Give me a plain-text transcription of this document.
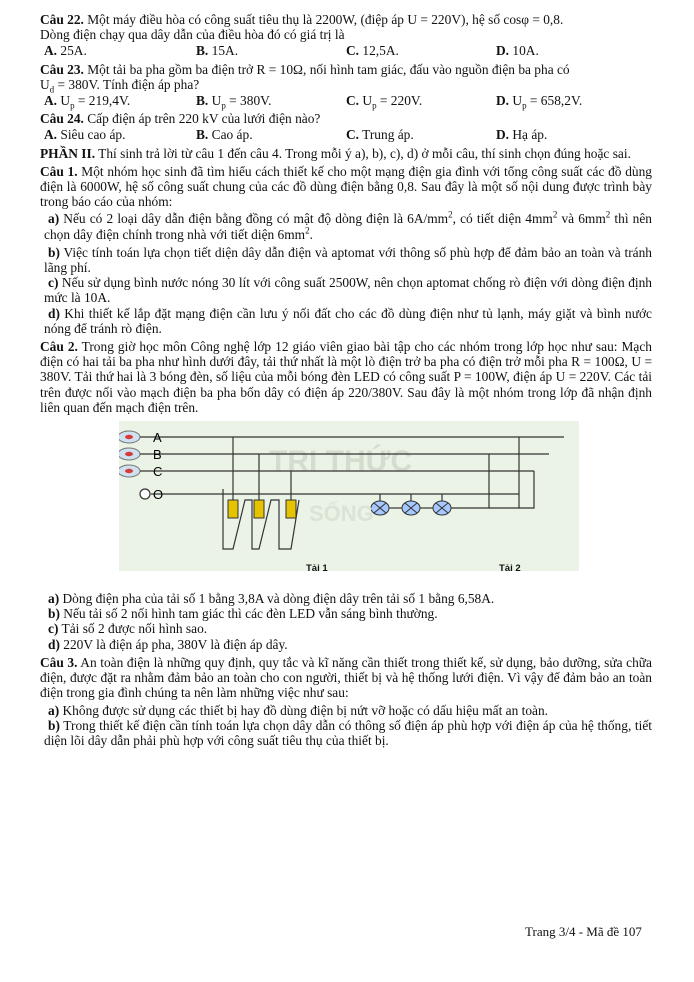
Câu 22. Một máy điều hòa có công suất tiêu thụ là 2200W, (điệp áp U = 220V), hệ số cosφ = 0,8.

Dòng điện chạy qua dây dẫn của điều hòa đó có giá trị là

A. 25A.	B. 15A.	C. 12,5A.	D. 10A.

Câu 23. Một tải ba pha gồm ba điện trở R = 10Ω, nối hình tam giác, đấu vào nguồn điện ba pha có

$U_d = 380V$. Tính điện áp pha?

A. $U_p = 219,4V$.	B. $U_p = 380V$.	C. $U_p = 220V$.	D. $U_p = 658,2V$.

Câu 24. Cấp điện áp trên 220 kV của lưới điện nào?

A. Siêu cao áp.	B. Cao áp.	C. Trung áp.	D. Hạ áp.

PHẦN II. Thí sinh trả lời từ câu 1 đến câu 4. Trong mỗi ý a), b), c), d) ở mỗi câu, thí sinh chọn đúng hoặc sai.

Câu 1. Một nhóm học sinh đã tìm hiểu cách thiết kế cho một mạng điện gia đình với tổng công suất các đồ dùng điện là 6000W, hệ số công suất chung của các đồ dùng điện bằng 0,8. Sau đây là một số nội dung được trình bày trong báo cáo của nhóm:

a) Nếu có 2 loại dây dẫn điện bằng đồng có mật độ dòng điện là $6A/mm^2$, có tiết diện $4mm^2$ và $6mm^2$ thì nên chọn dây điện chính trong nhà với tiết diện $6mm^2$.

b) Việc tính toán lựa chọn tiết diện dây dẫn điện và aptomat với thông số phù hợp để đảm bảo an toàn và tránh lãng phí.

c) Nếu sử dụng bình nước nóng 30 lít với công suất 2500W, nên chọn aptomat chống rò điện với dòng điện định mức là 10A.

d) Khi thiết kế lắp đặt mạng điện cần lưu ý nối đất cho các đồ dùng điện như tủ lạnh, máy giặt và bình nước nóng để tránh rò điện.

Câu 2. Trong giờ học môn Công nghệ lớp 12 giáo viên giao bài tập cho các nhóm trong lớp học như sau: Mạch điện có hai tải ba pha như hình dưới đây, tải thứ nhất là một lò điện trở ba pha có điện trở mỗi pha R = 100Ω, U = 380V. Tải thứ hai là 3 bóng đèn, số liệu của mỗi bóng đèn LED có công suất P = 100W, điện áp U = 220V. Các tải trên được nối vào mạch điện ba pha bốn dây có điện áp 220/380V. Sau đây là một nhóm trong lớp đã nhận định liên quan đến mạch điện trên.

TRI THỨC
A
B
C
O
SỐNG
Tải 1	Tải 2

a) Dòng điện pha của tải số 1 bằng 3,8A và dòng điện dây trên tải số 1 bằng 6,58A.

b) Nếu tải số 2 nối hình tam giác thì các đèn LED vẫn sáng bình thường.

c) Tải số 2 được nối hình sao.

d) 220V là điện áp pha, 380V là điện áp dây.

Câu 3. An toàn điện là những quy định, quy tắc và kĩ năng cần thiết trong thiết kế, sử dụng, bảo dưỡng, sửa chữa điện, được đặt ra nhằm đảm bảo an toàn cho con người, thiết bị và hệ thống lưới điện. Vì vậy để đảm bảo an toàn điện trong gia đình chúng ta nên làm những việc như sau:

a) Không được sử dụng các thiết bị hay đồ dùng điện bị nứt vỡ hoặc có dấu hiệu mất an toàn.

b) Trong thiết kế điện cần tính toán lựa chọn dây dẫn có thông số điện áp phù hợp với điện áp của hệ thống, tiết diện lõi dây dẫn phải phù hợp với công suất tiêu thụ của thiết bị.

Trang 3/4 - Mã đề 107
